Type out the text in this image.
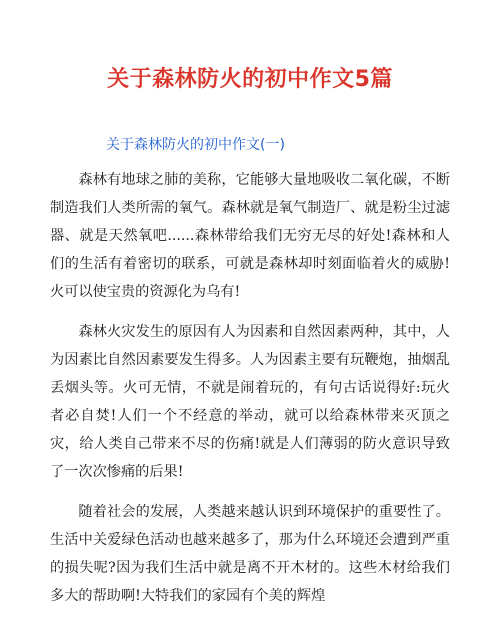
关于森林防火的初中作文5篇
关于森林防火的初中作文(一)

森林有地球之肺的美称，它能够大量地吸收二氧化碳，不断制造我们人类所需的氧气。森林就是氧气制造厂、就是粉尘过滤器、就是天然氧吧......森林带给我们无穷无尽的好处!森林和人们的生活有着密切的联系，可就是森林却时刻面临着火的威胁!火可以使宝贵的资源化为乌有!

森林火灾发生的原因有人为因素和自然因素两种，其中，人为因素比自然因素要发生得多。人为因素主要有玩鞭炮，抽烟乱丢烟头等。火可无情，不就是闹着玩的，有句古话说得好:玩火者必自焚!人们一个不经意的举动，就可以给森林带来灭顶之灾，给人类自己带来不尽的伤痛!就是人们薄弱的防火意识导致了一次次惨痛的后果!

随着社会的发展，人类越来越认识到环境保护的重要性了。生活中关爱绿色活动也越来越多了，那为什么环境还会遭到严重的损失呢?因为我们生活中就是离不开木材的。这些木材给我们多大的帮助啊!大特我们的家园有个美的辉煌
